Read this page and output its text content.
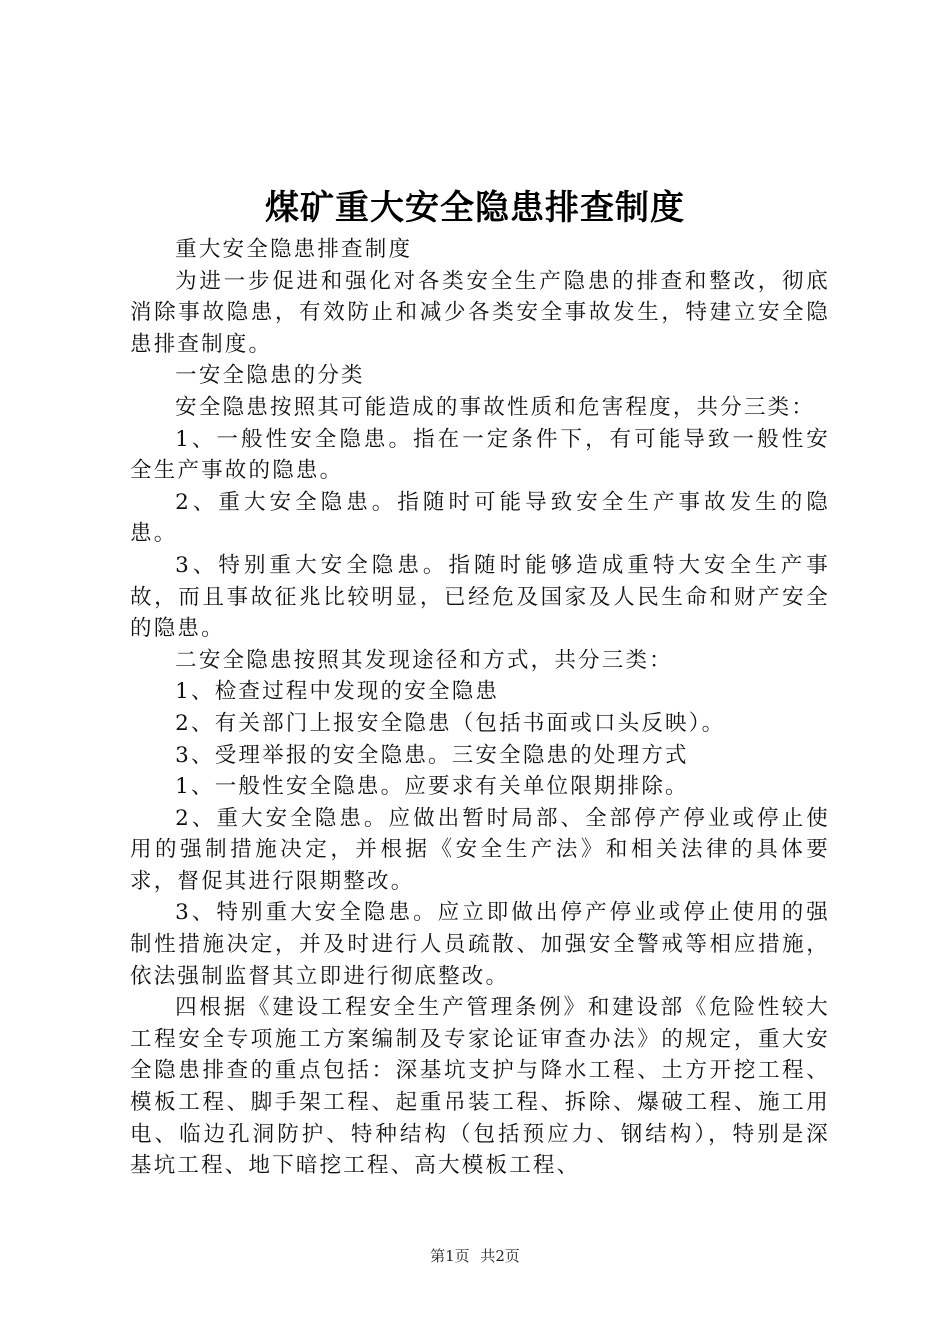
煤矿重大安全隐患排查制度

重大安全隐患排查制度

为进一步促进和强化对各类安全生产隐患的排查和整改，彻底消除事故隐患，有效防止和减少各类安全事故发生，特建立安全隐患排查制度。

一安全隐患的分类

安全隐患按照其可能造成的事故性质和危害程度，共分三类：

1、一般性安全隐患。指在一定条件下，有可能导致一般性安全生产事故的隐患。

2、重大安全隐患。指随时可能导致安全生产事故发生的隐患。

3、特别重大安全隐患。指随时能够造成重特大安全生产事故，而且事故征兆比较明显，已经危及国家及人民生命和财产安全的隐患。

二安全隐患按照其发现途径和方式，共分三类：

1、检查过程中发现的安全隐患

2、有关部门上报安全隐患（包括书面或口头反映）。

3、受理举报的安全隐患。三安全隐患的处理方式

1、一般性安全隐患。应要求有关单位限期排除。

2、重大安全隐患。应做出暂时局部、全部停产停业或停止使用的强制措施决定，并根据《安全生产法》和相关法律的具体要求，督促其进行限期整改。

3、特别重大安全隐患。应立即做出停产停业或停止使用的强制性措施决定，并及时进行人员疏散、加强安全警戒等相应措施，依法强制监督其立即进行彻底整改。

四根据《建设工程安全生产管理条例》和建设部《危险性较大工程安全专项施工方案编制及专家论证审查办法》的规定，重大安全隐患排查的重点包括：深基坑支护与降水工程、土方开挖工程、模板工程、脚手架工程、起重吊装工程、拆除、爆破工程、施工用电、临边孔洞防护、特种结构（包括预应力、钢结构），特别是深基坑工程、地下暗挖工程、高大模板工程、

第1页 共2页
